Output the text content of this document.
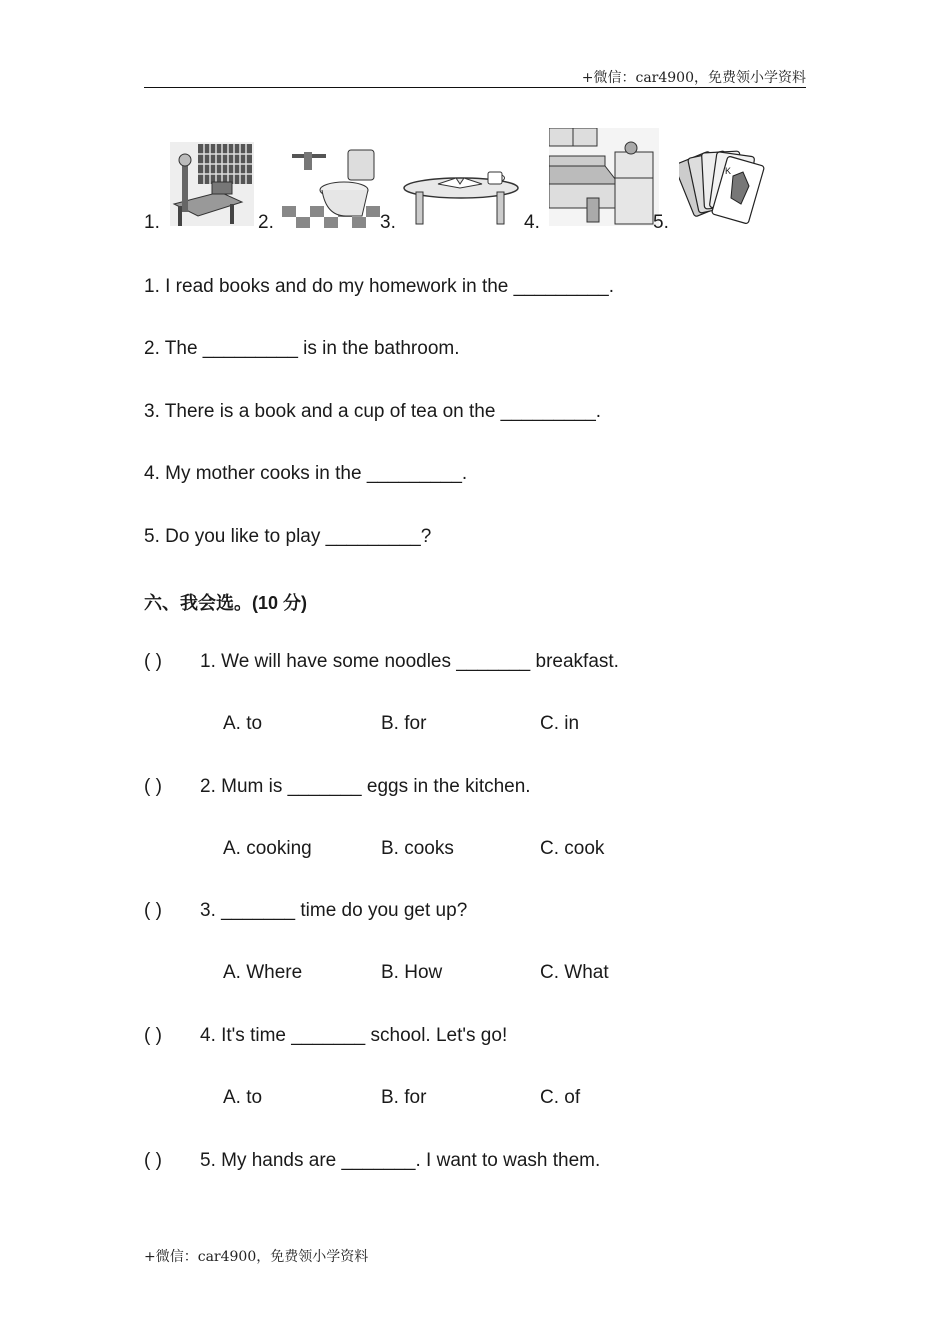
+微信：car4900，免费领小学资料
1.	2.	3.	4.	5.
K
1. I read books and do my homework in the _________.
2. The _________ is in the bathroom.
3. There is a book and a cup of tea on the _________.
4. My mother cooks in the _________.
5. Do you like to play _________?
六、我会选。(10 分)
( ) 1. We will have some noodles _______ breakfast.
A. to	B. for	C. in
( ) 2. Mum is _______ eggs in the kitchen.
A. cooking	B. cooks	C. cook
( ) 3. _______ time do you get up?
A. Where	B. How	C. What
( ) 4. It's time _______ school. Let's go!
A. to	B. for	C. of
( ) 5. My hands are _______. I want to wash them.
+微信：car4900，免费领小学资料
